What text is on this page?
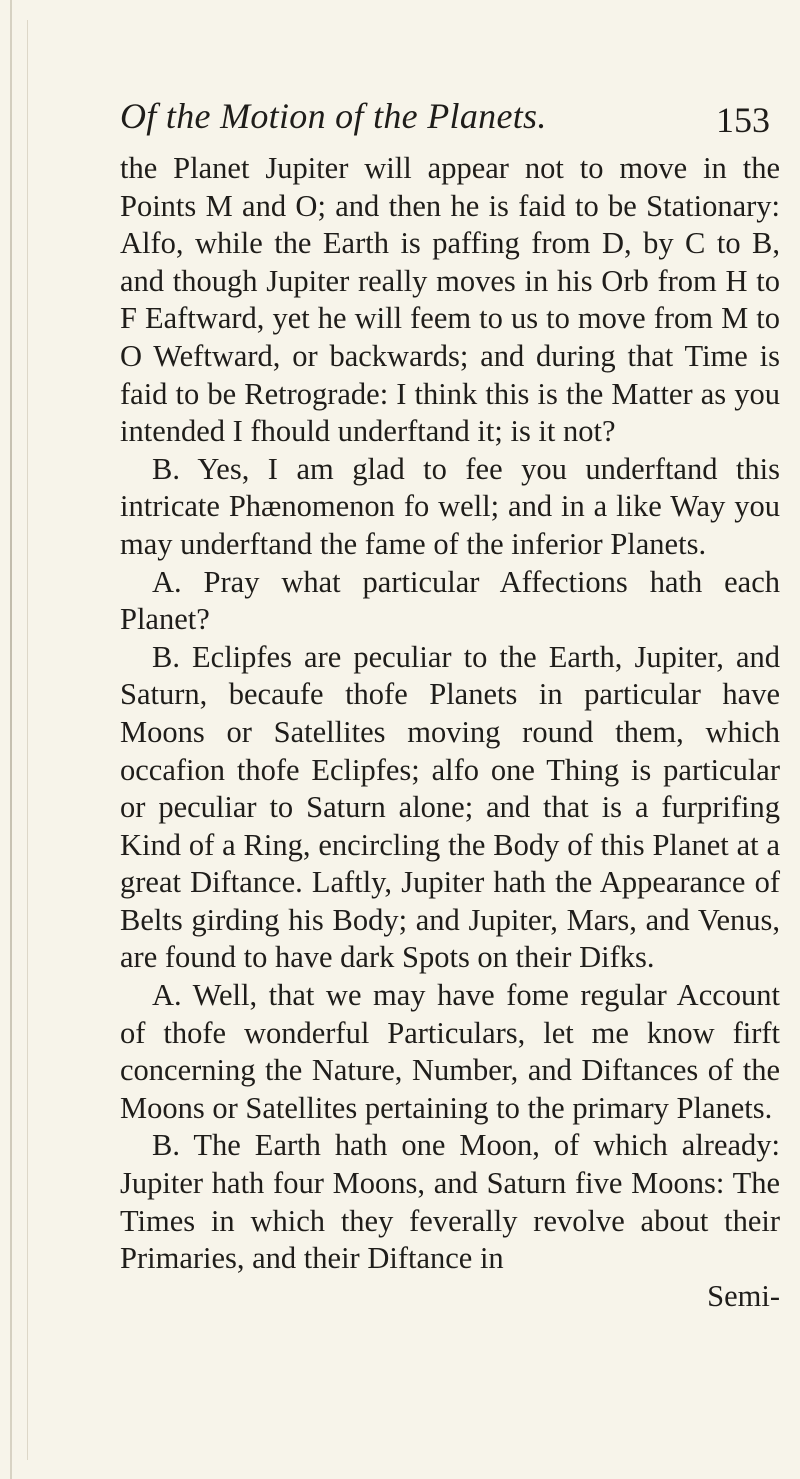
Of the Motion of the Planets.	153

the Planet Jupiter will appear not to move in the Points M and O; and then he is faid to be Stationary: Alfo, while the Earth is paffing from D, by C to B, and though Jupiter really moves in his Orb from H to F Eaftward, yet he will feem to us to move from M to O Weftward, or backwards; and during that Time is faid to be Retrograde: I think this is the Matter as you intended I fhould underftand it; is it not?

B. Yes, I am glad to fee you underftand this intricate Phænomenon fo well; and in a like Way you may underftand the fame of the inferior Planets.

A. Pray what particular Affections hath each Planet?

B. Eclipfes are peculiar to the Earth, Jupiter, and Saturn, becaufe thofe Planets in particular have Moons or Satellites moving round them, which occafion thofe Eclipfes; alfo one Thing is particular or peculiar to Saturn alone; and that is a furprifing Kind of a Ring, encircling the Body of this Planet at a great Diftance. Laftly, Jupiter hath the Appearance of Belts girding his Body; and Jupiter, Mars, and Venus, are found to have dark Spots on their Difks.

A. Well, that we may have fome regular Account of thofe wonderful Particulars, let me know firft concerning the Nature, Number, and Diftances of the Moons or Satellites pertaining to the primary Planets.

B. The Earth hath one Moon, of which already: Jupiter hath four Moons, and Saturn five Moons: The Times in which they feverally revolve about their Primaries, and their Diftance in

Semi-
